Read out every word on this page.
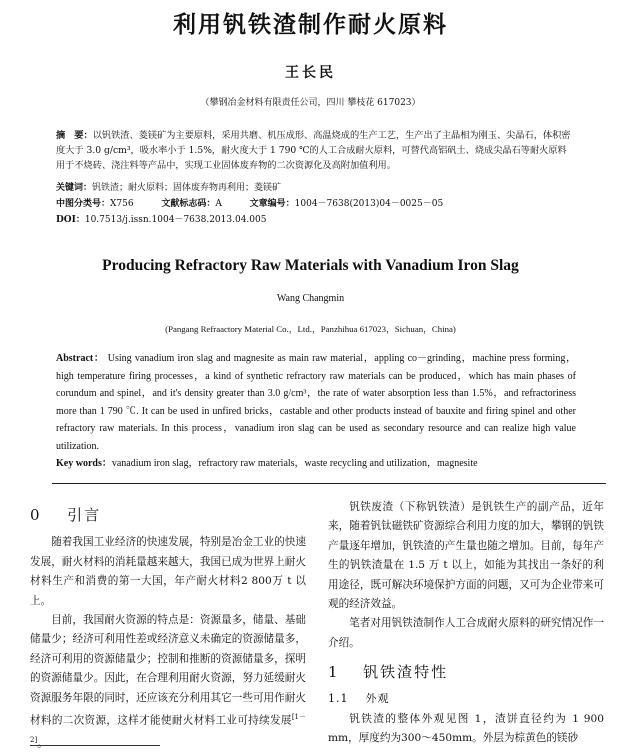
利用钒铁渣制作耐火原料
王长民
（攀钢冶金材料有限责任公司，四川 攀枝花 617023）
摘　要：以钒铁渣、菱镁矿为主要原料，采用共磨、机压成形、高温烧成的生产工艺，生产出了主晶相为刚玉、尖晶石，体积密度大于 3.0 g/cm³，吸水率小于 1.5%，耐火度大于 1 790 ℃的人工合成耐火原料，可替代高铝矾土、烧成尖晶石等耐火原料用于不烧砖、浇注料等产品中，实现工业固体废弃物的二次资源化及高附加值利用。
关键词：钒铁渣；耐火原料；固体废弃物再利用；菱镁矿
中图分类号：X756	文献标志码：A	文章编号：1004－7638(2013)04－0025－05
DOI：10.7513/j.issn.1004－7638.2013.04.005
Producing Refractory Raw Materials with Vanadium Iron Slag
Wang Changmin
(Pangang Refraactory Material Co.，Ltd.，Panzhihua 617023，Sichuan，China)
Abstract： Using vanadium iron slag and magnesite as main raw material，appling co－grinding，machine press forming，high temperature firing processes，a kind of synthetic refractory raw materials can be produced，which has main phases of corundum and spinel，and it's density greater than 3.0 g/cm³，the rate of water absorption less than 1.5%，and refractoriness more than 1 790 ℃. It can be used in unfired bricks，castable and other products instead of bauxite and firing spinel and other refractory raw materials. In this process，vanadium iron slag can be used as secondary resource and can realize high value utilization.
Key words：vanadium iron slag，refractory raw materials，waste recycling and utilization，magnesite
0 引言

随着我国工业经济的快速发展，特别是冶金工业的快速发展，耐火材料的消耗量越来越大，我国已成为世界上耐火材料生产和消费的第一大国，年产耐火材料2 800万 t 以上。

目前，我国耐火资源的特点是：资源量多，储量、基础储量少；经济可利用性差或经济意义未确定的资源储量多，经济可利用的资源储量少；控制和推断的资源储量多，探明的资源储量少。因此，在合理利用耐火资源，努力延缓耐火资源服务年限的同时，还应该充分利用其它一些可用作耐火材料的二次资源，这样才能使耐火材料工业可持续发展[1－2]。

钒铁废渣（下称钒铁渣）是钒铁生产的副产品，近年来，随着钒钛磁铁矿资源综合利用力度的加大，攀钢的钒铁产量逐年增加，钒铁渣的产生量也随之增加。目前，每年产生的钒铁渣量在 1.5 万 t 以上，如能为其找出一条好的利用途径，既可解决环境保护方面的问题，又可为企业带来可观的经济效益。

笔者对用钒铁渣制作人工合成耐火原料的研究情况作一介绍。

1 钒铁渣特性
1.1 外观

钒铁渣的整体外观见图 1，渣饼直径约为 1 900 mm，厚度约为300～450mm。外层为棕黄色的镁砂
